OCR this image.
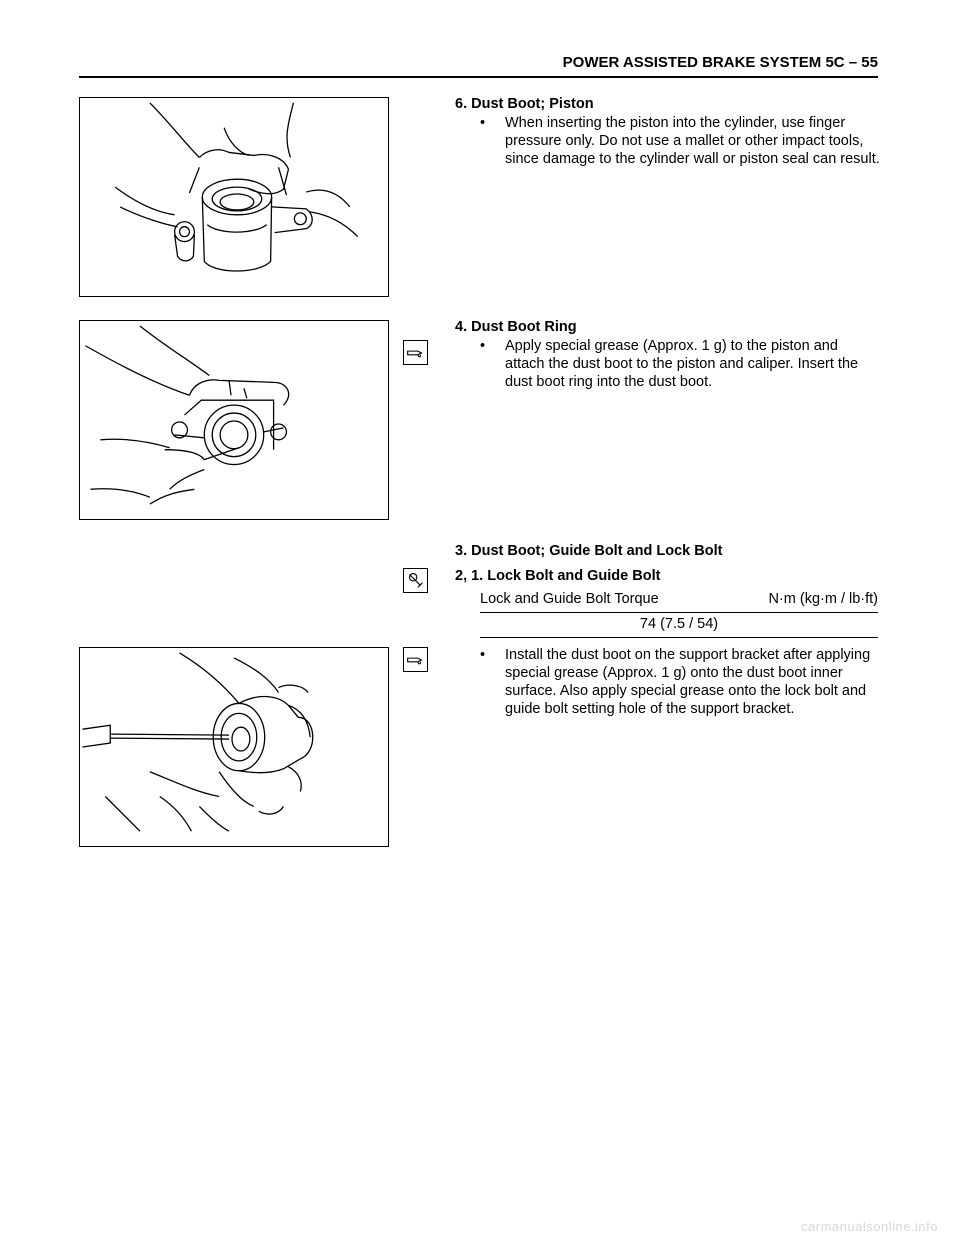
POWER ASSISTED BRAKE SYSTEM 5C – 55
6. Dust Boot; Piston
• When inserting the piston into the cylinder, use finger pressure only. Do not use a mallet or other impact tools, since damage to the cylinder wall or piston seal can result.
4. Dust Boot Ring
• Apply special grease (Approx. 1 g) to the piston and attach the dust boot to the piston and caliper. Insert the dust boot ring into the dust boot.
3. Dust Boot; Guide Bolt and Lock Bolt
2, 1. Lock Bolt and Guide Bolt
Lock and Guide Bolt Torque	N·m (kg·m / lb·ft)
74 (7.5 / 54)
• Install the dust boot on the support bracket after applying special grease (Approx. 1 g) onto the dust boot inner surface. Also apply special grease onto the lock bolt and guide bolt setting hole of the support bracket.
carmanualsonline.info
